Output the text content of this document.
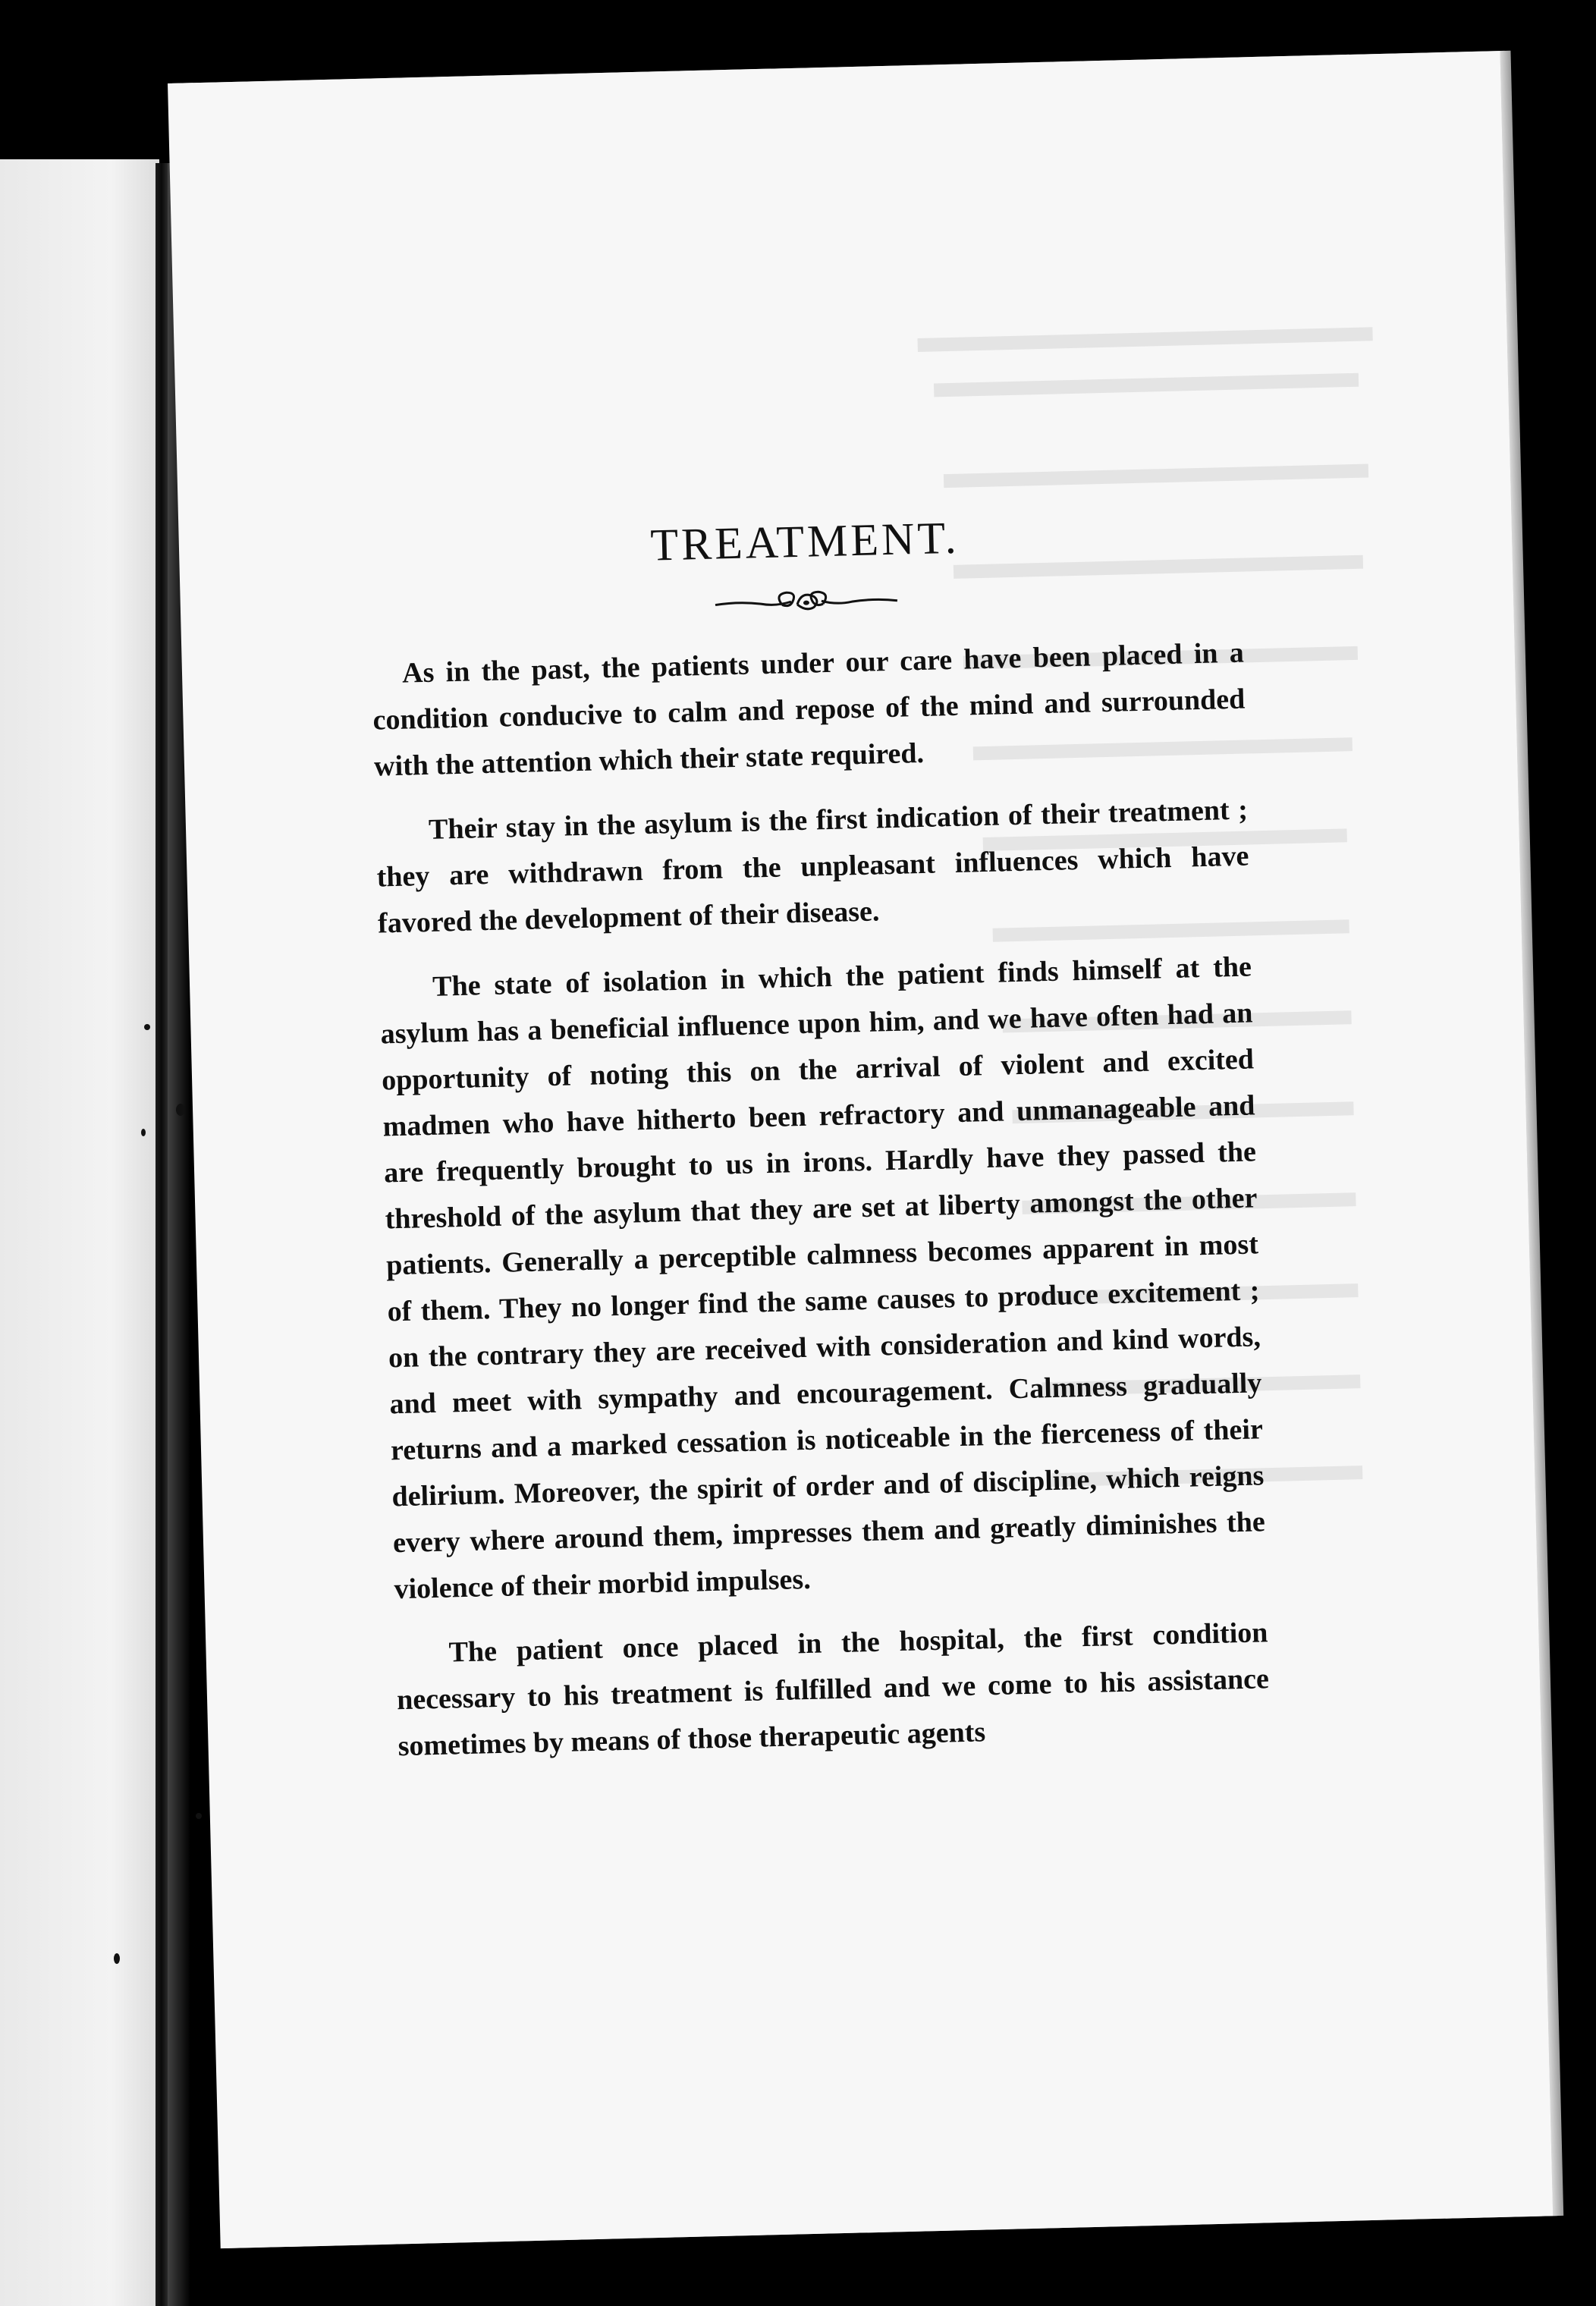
TREATMENT.

As in the past, the patients under our care have been placed in a condition conducive to calm and repose of the mind and surrounded with the attention which their state required.

Their stay in the asylum is the first indication of their treatment ; they are withdrawn from the unpleasant influences which have favored the development of their disease.

The state of isolation in which the patient finds himself at the asylum has a beneficial influence upon him, and we have often had an opportunity of noting this on the arrival of violent and excited madmen who have hitherto been refractory and unmanageable and are frequently brought to us in irons. Hardly have they passed the threshold of the asylum that they are set at liberty amongst the other patients. Generally a perceptible calmness becomes apparent in most of them. They no longer find the same causes to produce excitement ; on the contrary they are received with consideration and kind words, and meet with sympathy and encouragement. Calmness gradually returns and a marked cessation is noticeable in the fierceness of their delirium. Moreover, the spirit of order and of discipline, which reigns every where around them, impresses them and greatly diminishes the violence of their morbid impulses.

The patient once placed in the hospital, the first condition necessary to his treatment is fulfilled and we come to his assistance sometimes by means of those therapeutic agents
